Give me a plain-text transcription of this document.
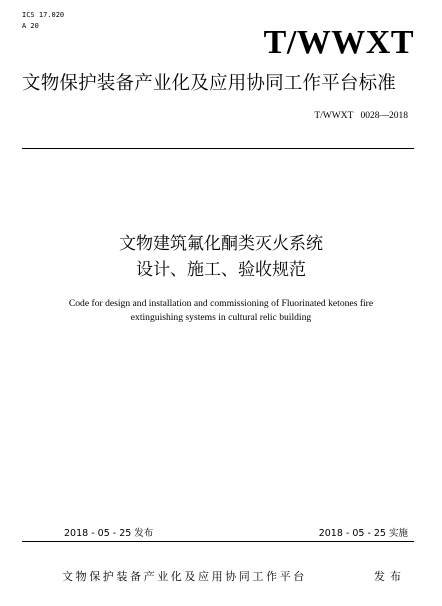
ICS 17.020
A 20	T/WWXT
文物保护装备产业化及应用协同工作平台标准
T/WWXT   0028—2018
文物建筑氟化酮类灭火系统
设计、施工、验收规范
Code for design and installation and commissioning of Fluorinated ketones fire
extinguishing systems in cultural relic building
2018 - 05 - 25 发布	2018 - 05 - 25 实施
文物保护装备产业化及应用协同工作平台	发布
